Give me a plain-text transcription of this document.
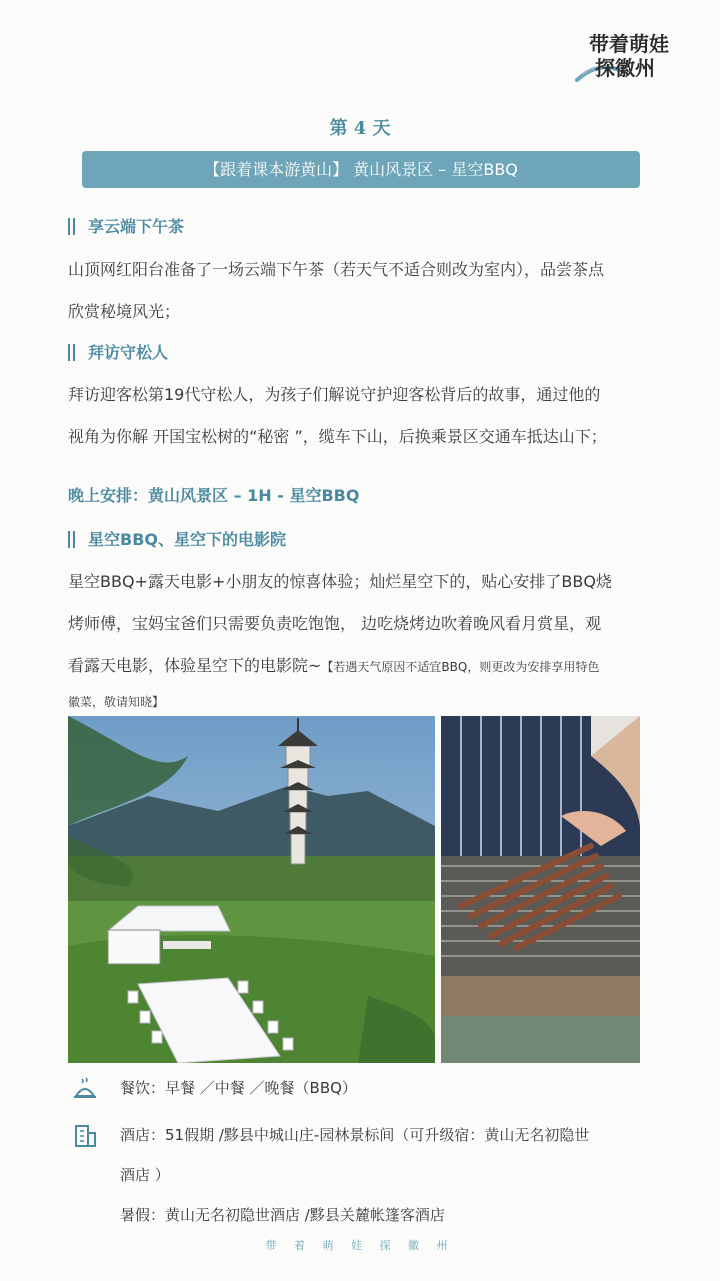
带着萌娃
探徽州
第 4 天
【跟着课本游黄山】 黄山风景区 – 星空BBQ
享云端下午茶
山顶网红阳台准备了一场云端下午茶（若天气不适合则改为室内），品尝茶点
欣赏秘境风光；
拜访守松人
拜访迎客松第19代守松人，为孩子们解说守护迎客松背后的故事，通过他的
视角为你解 开国宝松树的“秘密 ”，缆车下山，后换乘景区交通车抵达山下；
晚上安排：黄山风景区 – 1H - 星空BBQ
星空BBQ、星空下的电影院
星空BBQ+露天电影+小朋友的惊喜体验；灿烂星空下的，贴心安排了BBQ烧
烤师傅，宝妈宝爸们只需要负责吃饱饱， 边吃烧烤边吹着晚风看月赏星，观
看露天电影，体验星空下的电影院~【若遇天气原因不适宜BBQ，则更改为安排享用特色
徽菜，敬请知晓】
餐饮：早餐 ／中餐 ／晚餐（BBQ）
酒店：51假期 /黟县中城山庄-园林景标间（可升级宿：黄山无名初隐世
酒店 ）
暑假：黄山无名初隐世酒店 /黟县关麓帐篷客酒店
带 着 萌 娃 探 徽 州
